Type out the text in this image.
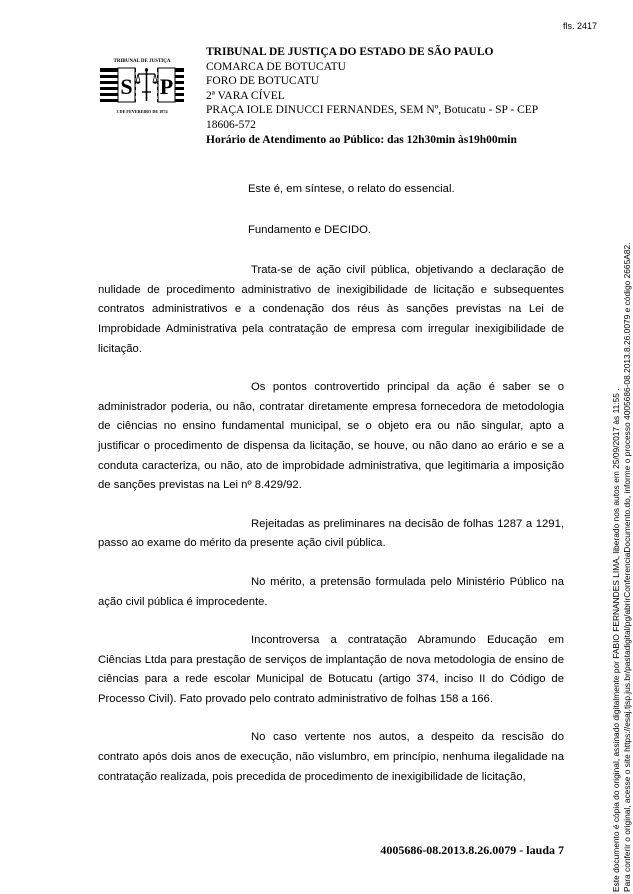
fls. 2417
TRIBUNAL DE JUSTIÇA
S P
3 DE FEVEREIRO DE 1874
TRIBUNAL DE JUSTIÇA DO ESTADO DE SÃO PAULO
COMARCA DE BOTUCATU
FORO DE BOTUCATU
2ª VARA CÍVEL
PRAÇA IOLE DINUCCI FERNANDES, SEM Nº, Botucatu - SP - CEP
18606-572
Horário de Atendimento ao Público: das 12h30min às19h00min

Este é, em síntese, o relato do essencial.

Fundamento e DECIDO.

Trata-se de ação civil pública, objetivando a declaração de nulidade de procedimento administrativo de inexigibilidade de licitação e subsequentes contratos administrativos e a condenação dos réus às sanções previstas na Lei de Improbidade Administrativa pela contratação de empresa com irregular inexigibilidade de licitação.

Os pontos controvertido principal da ação é saber se o administrador poderia, ou não, contratar diretamente empresa fornecedora de metodologia de ciências no ensino fundamental municipal, se o objeto era ou não singular, apto a justificar o procedimento de dispensa da licitação, se houve, ou não dano ao erário e se a conduta caracteriza, ou não, ato de improbidade administrativa, que legitimaria a imposição de sanções previstas na Lei nº 8.429/92.

Rejeitadas as preliminares na decisão de folhas 1287 a 1291, passo ao exame do mérito da presente ação civil pública.

No mérito, a pretensão formulada pelo Ministério Público na ação civil pública é improcedente.

Incontroversa a contratação Abramundo Educação em Ciências Ltda para prestação de serviços de implantação de nova metodologia de ensino de ciências para a rede escolar Municipal de Botucatu (artigo 374, inciso II do Código de Processo Civil). Fato provado pelo contrato administrativo de folhas 158 a 166.

No caso vertente nos autos, a despeito da rescisão do contrato após dois anos de execução, não vislumbro, em princípio, nenhuma ilegalidade na contratação realizada, pois precedida de procedimento de inexigibilidade de licitação,

4005686-08.2013.8.26.0079 - lauda 7	Este documento é cópia do original, assinado digitalmente por FABIO FERNANDES LIMA, liberado nos autos em 25/09/2017 às 11:55 . Para conferir o original, acesse o site https://esaj.tjsp.jus.br/pastadigital/pg/abrirConferenciaDocumento.do, informe o processo 4005686-08.2013.8.26.0079 e código 2665A82.
